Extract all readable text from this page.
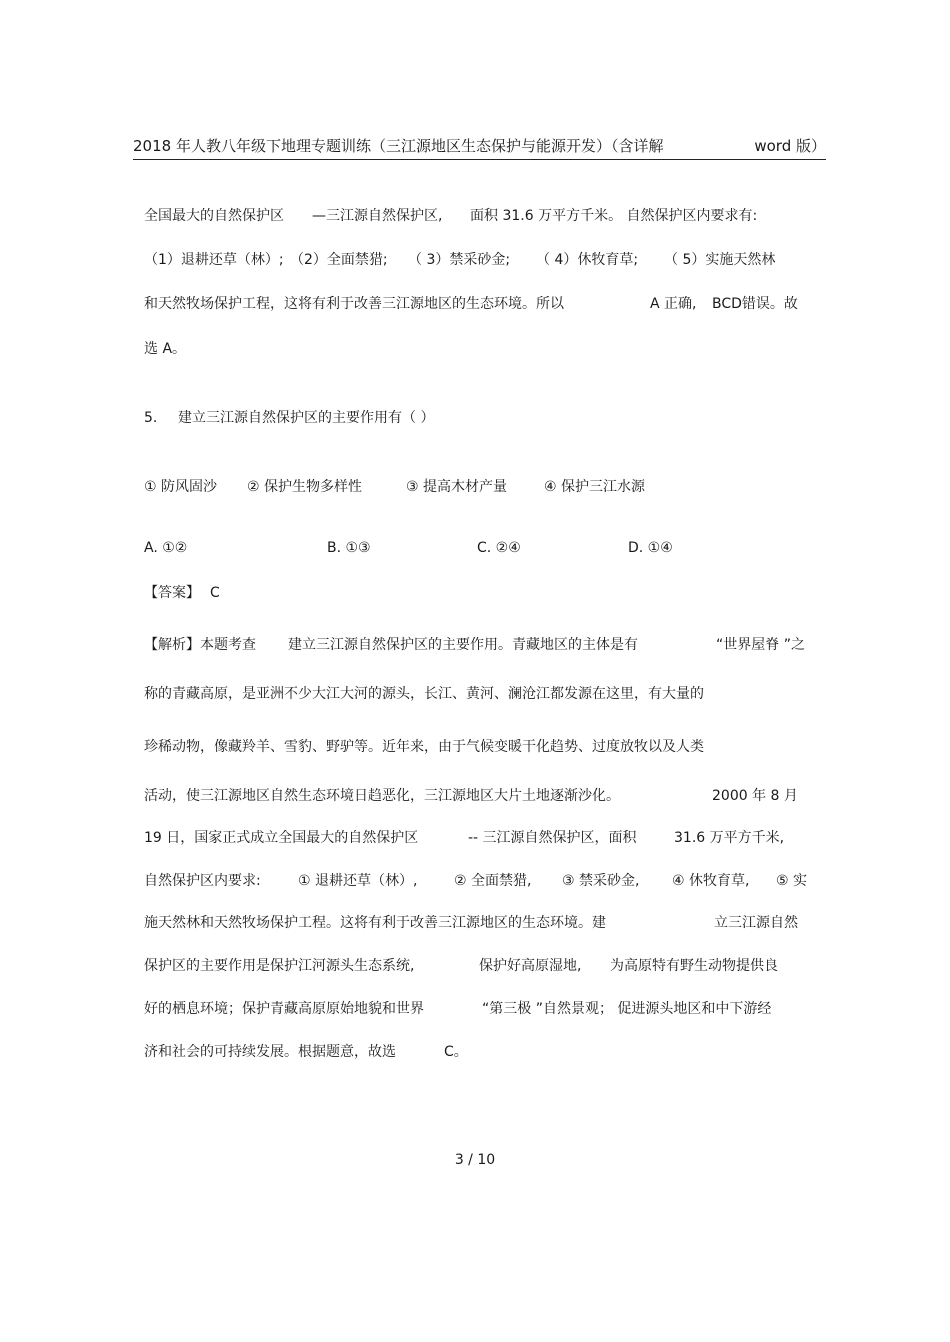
2018 年人教八年级下地理专题训练（三江源地区生态保护与能源开发）（含详解	word 版）
全国最大的自然保护区 —三江源自然保护区, 面积 31.6 万平方千米。 自然保护区内要求有:
（1）退耕还草（林）; （2）全面禁猎; （ 3）禁采砂金; （ 4）休牧育草; （ 5）实施天然林
和天然牧场保护工程，这将有利于改善三江源地区的生态环境。所以	A 正确, BCD错误。故
选 A。
5. 建立三江源自然保护区的主要作用有（ ）
① 防风固沙 ② 保护生物多样性	③ 提高木材产量	④ 保护三江水源
A. ①②	B. ①③	C. ②④	D. ①④
【答案】 C
【解析】本题考查 建立三江源自然保护区的主要作用。青藏地区的主体是有	“世界屋脊 ”之
称的青藏高原，是亚洲不少大江大河的源头，长江、黄河、澜沧江都发源在这里，有大量的
珍稀动物，像藏羚羊、雪豹、野驴等。近年来，由于气候变暖干化趋势、过度放牧以及人类
活动，使三江源地区自然生态环境日趋恶化，三江源地区大片土地逐渐沙化。	2000 年 8 月
19 日，国家正式成立全国最大的自然保护区	-- 三江源自然保护区，面积	31.6 万平方千米,
自然保护区内要求:	① 退耕还草（林）,	② 全面禁猎, ③ 禁采砂金, ④ 休牧育草, ⑤ 实
施天然林和天然牧场保护工程。这将有利于改善三江源地区的生态环境。建	立三江源自然
保护区的主要作用是保护江河源头生态系统,	保护好高原湿地, 为高原特有野生动物提供良
好的栖息环境；保护青藏高原原始地貌和世界	“第三极 ”自然景观； 促进源头地区和中下游经
济和社会的可持续发展。根据题意，故选	C。
3 / 10
